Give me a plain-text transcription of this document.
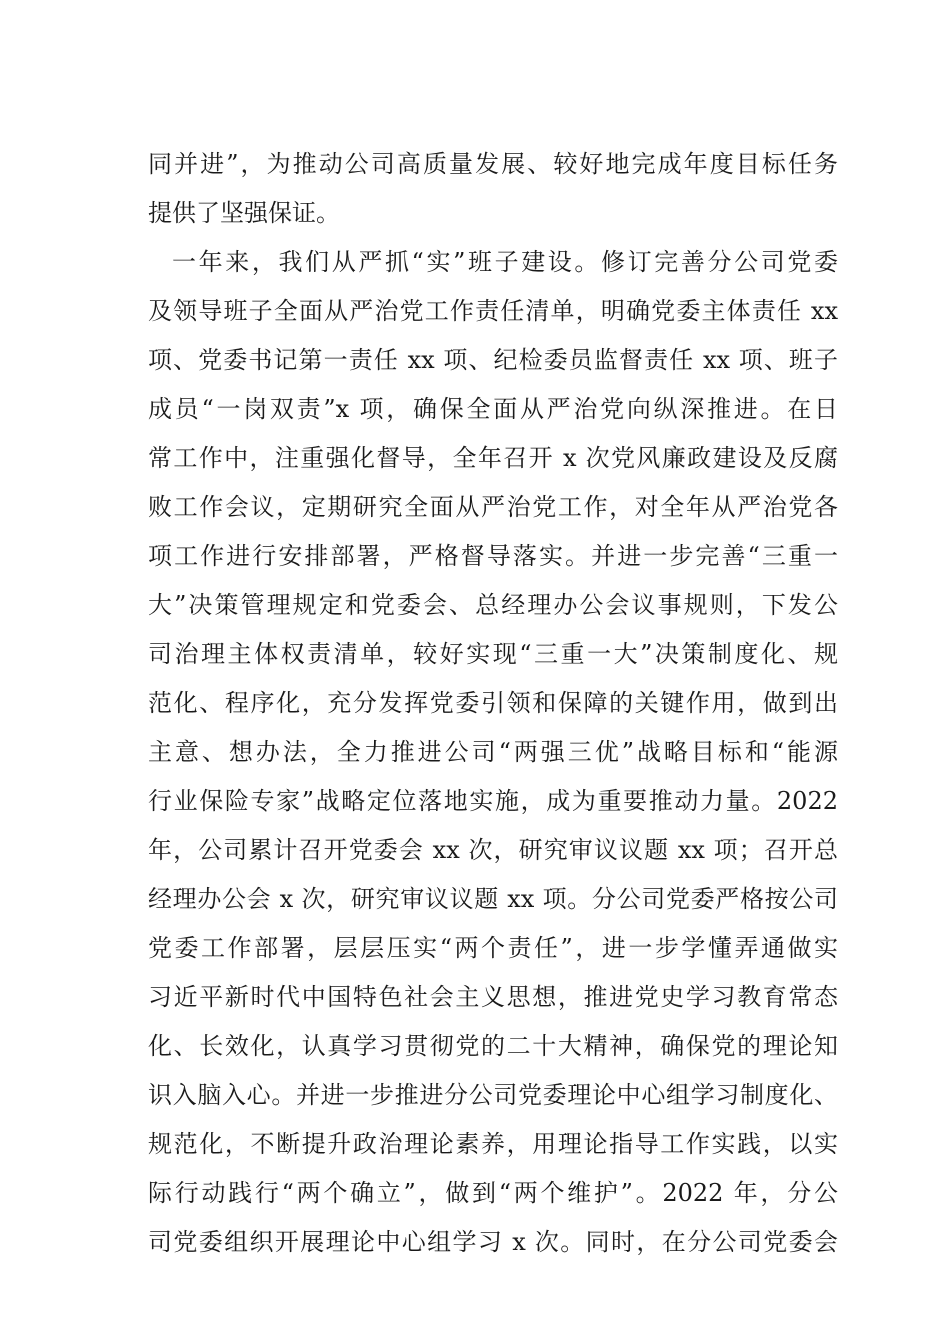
同并进”，为推动公司高质量发展、较好地完成年度目标任务
提供了坚强保证。
一年来，我们从严抓“实”班子建设。修订完善分公司党委
及领导班子全面从严治党工作责任清单，明确党委主体责任 xx
项、党委书记第一责任 xx 项、纪检委员监督责任 xx 项、班子
成员“一岗双责”x 项，确保全面从严治党向纵深推进。在日
常工作中，注重强化督导，全年召开 x 次党风廉政建设及反腐
败工作会议，定期研究全面从严治党工作，对全年从严治党各
项工作进行安排部署，严格督导落实。并进一步完善“三重一
大”决策管理规定和党委会、总经理办公会议事规则，下发公
司治理主体权责清单，较好实现“三重一大”决策制度化、规
范化、程序化，充分发挥党委引领和保障的关键作用，做到出
主意、想办法，全力推进公司“两强三优”战略目标和“能源
行业保险专家”战略定位落地实施，成为重要推动力量。2022
年，公司累计召开党委会 xx 次，研究审议议题 xx 项；召开总
经理办公会 x 次，研究审议议题 xx 项。分公司党委严格按公司
党委工作部署，层层压实“两个责任”，进一步学懂弄通做实
习近平新时代中国特色社会主义思想，推进党史学习教育常态
化、长效化，认真学习贯彻党的二十大精神，确保党的理论知
识入脑入心。并进一步推进分公司党委理论中心组学习制度化、
规范化，不断提升政治理论素养，用理论指导工作实践，以实
际行动践行“两个确立”，做到“两个维护”。2022 年，分公
司党委组织开展理论中心组学习 x 次。同时，在分公司党委会
